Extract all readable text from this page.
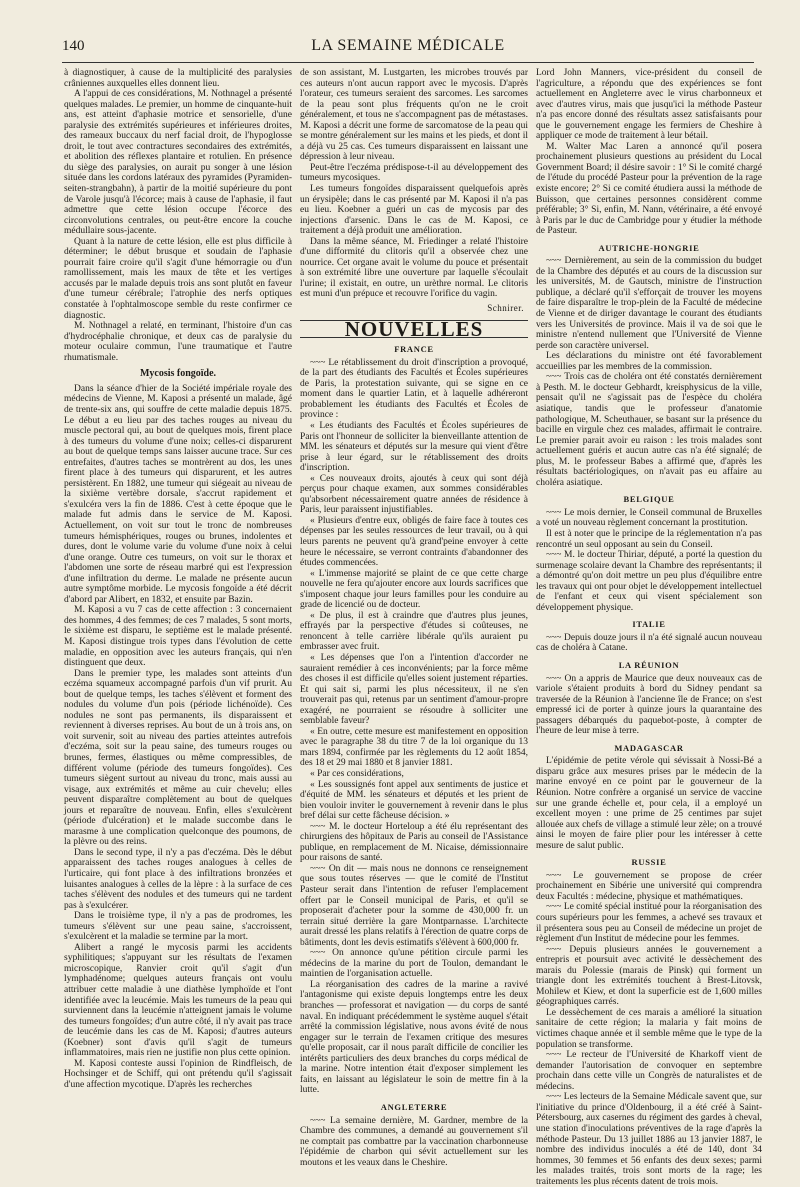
140	LA SEMAINE MÉDICALE

à diagnostiquer, à cause de la multiplicité des paralysies crâniennes auxquelles elles donnent lieu.

A l'appui de ces considérations, M. Nothnagel a présenté quelques malades. Le premier, un homme de cinquante-huit ans, est atteint d'aphasie motrice et sensorielle, d'une paralysie des extrémités supérieures et inférieures droites, des rameaux buccaux du nerf facial droit, de l'hypoglosse droit, le tout avec contractures secondaires des extrémités, et abolition des réflexes plantaire et rotulien. En présence du siège des paralysies, on aurait pu songer à une lésion située dans les cordons latéraux des pyramides (Pyramiden-seiten-strangbahn), à partir de la moitié supérieure du pont de Varole jusqu'à l'écorce; mais à cause de l'aphasie, il faut admettre que cette lésion occupe l'écorce des circonvolutions centrales, ou peut-être encore la couche médullaire sous-jacente.

Quant à la nature de cette lésion, elle est plus difficile à déterminer; le début brusque et soudain de l'aphasie pourrait faire croire qu'il s'agit d'une hémorragie ou d'un ramollissement, mais les maux de tête et les vertiges accusés par le malade depuis trois ans sont plutôt en faveur d'une tumeur cérébrale; l'atrophie des nerfs optiques constatée à l'ophtalmoscope semble du reste confirmer ce diagnostic.

M. Nothnagel a relaté, en terminant, l'histoire d'un cas d'hydrocéphalie chronique, et deux cas de paralysie du moteur oculaire commun, l'une traumatique et l'autre rhumatismale.

Mycosis fongoïde.

Dans la séance d'hier de la Société impériale royale des médecins de Vienne, M. Kaposi a présenté un malade, âgé de trente-six ans, qui souffre de cette maladie depuis 1875. Le début a eu lieu par des taches rouges au niveau du muscle pectoral qui, au bout de quelques mois, firent place à des tumeurs du volume d'une noix; celles-ci disparurent au bout de quelque temps sans laisser aucune trace. Sur ces entrefaites, d'autres taches se montrèrent au dos, les unes firent place à des tumeurs qui disparurent, et les autres persistèrent. En 1882, une tumeur qui siégeait au niveau de la sixième vertèbre dorsale, s'accrut rapidement et s'exulcéra vers la fin de 1886. C'est à cette époque que le malade fut admis dans le service de M. Kaposi. Actuellement, on voit sur tout le tronc de nombreuses tumeurs hémisphériques, rouges ou brunes, indolentes et dures, dont le volume varie du volume d'une noix à celui d'une orange. Outre ces tumeurs, on voit sur le thorax et l'abdomen une sorte de réseau marbré qui est l'expression d'une infiltration du derme. Le malade ne présente aucun autre symptôme morbide. Le mycosis fongoïde a été décrit d'abord par Alibert, en 1832, et ensuite par Bazin.

M. Kaposi a vu 7 cas de cette affection : 3 concernaient des hommes, 4 des femmes; de ces 7 malades, 5 sont morts, le sixième est disparu, le septième est le malade présenté. M. Kaposi distingue trois types dans l'évolution de cette maladie, en opposition avec les auteurs français, qui n'en distinguent que deux.

Dans le premier type, les malades sont atteints d'un eczéma squameux accompagné parfois d'un vif prurit. Au bout de quelque temps, les taches s'élèvent et forment des nodules du volume d'un pois (période lichénoïde). Ces nodules ne sont pas permanents, ils disparaissent et reviennent à diverses reprises. Au bout de un à trois ans, on voit survenir, soit au niveau des parties atteintes autrefois d'eczéma, soit sur la peau saine, des tumeurs rouges ou brunes, fermes, élastiques ou même compressibles, de différent volume (période des tumeurs fongoïdes). Ces tumeurs siègent surtout au niveau du tronc, mais aussi au visage, aux extrémités et même au cuir chevelu; elles peuvent disparaître complètement au bout de quelques jours et reparaître de nouveau. Enfin, elles s'exulcèrent (période d'ulcération) et le malade succombe dans le marasme à une complication quelconque des poumons, de la plèvre ou des reins.

Dans le second type, il n'y a pas d'eczéma. Dès le début apparaissent des taches rouges analogues à celles de l'urticaire, qui font place à des infiltrations bronzées et luisantes analogues à celles de la lèpre : à la surface de ces taches s'élèvent des nodules et des tumeurs qui ne tardent pas à s'exulcérer.

Dans le troisième type, il n'y a pas de prodromes, les tumeurs s'élèvent sur une peau saine, s'accroissent, s'exulcèrent et la maladie se termine par la mort.

Alibert a rangé le mycosis parmi les accidents syphilitiques; s'appuyant sur les résultats de l'examen microscopique, Ranvier croit qu'il s'agit d'un lymphadénome; quelques auteurs français ont voulu attribuer cette maladie à une diathèse lymphoïde et l'ont identifiée avec la leucémie. Mais les tumeurs de la peau qui surviennent dans la leucémie n'atteignent jamais le volume des tumeurs fongoïdes; d'un autre côté, il n'y avait pas trace de leucémie dans les cas de M. Kaposi; d'autres auteurs (Koebner) sont d'avis qu'il s'agit de tumeurs inflammatoires, mais rien ne justifie non plus cette opinion.

M. Kaposi conteste aussi l'opinion de Rindfleisch, de Hochsinger et de Schiff, qui ont prétendu qu'il s'agissait d'une affection mycotique. D'après les recherches

de son assistant, M. Lustgarten, les microbes trouvés par ces auteurs n'ont aucun rapport avec le mycosis. D'après l'orateur, ces tumeurs seraient des sarcomes. Les sarcomes de la peau sont plus fréquents qu'on ne le croit généralement, et tous ne s'accompagnent pas de métastases. M. Kaposi a décrit une forme de sarcomatose de la peau qui se montre généralement sur les mains et les pieds, et dont il a déjà vu 25 cas. Ces tumeurs disparaissent en laissant une dépression à leur niveau.

Peut-être l'eczéma prédispose-t-il au développement des tumeurs mycosiques.

Les tumeurs fongoïdes disparaissent quelquefois après un érysipèle; dans le cas présenté par M. Kaposi il n'a pas eu lieu. Koebner a guéri un cas de mycosis par des injections d'arsenic. Dans le cas de M. Kaposi, ce traitement a déjà produit une amélioration.

Dans la même séance, M. Friedinger a relaté l'histoire d'une difformité du clitoris qu'il a observée chez une nourrice. Cet organe avait le volume du pouce et présentait à son extrémité libre une ouverture par laquelle s'écoulait l'urine; il existait, en outre, un urèthre normal. Le clitoris est muni d'un prépuce et recouvre l'orifice du vagin.

Schnirer.
NOUVELLES
FRANCE

~~~ Le rétablissement du droit d'inscription a provoqué, de la part des étudiants des Facultés et Écoles supérieures de Paris, la protestation suivante, qui se signe en ce moment dans le quartier Latin, et à laquelle adhéreront probablement les étudiants des Facultés et Écoles de province :

« Les étudiants des Facultés et Écoles supérieures de Paris ont l'honneur de solliciter la bienveillante attention de MM. les sénateurs et députés sur la mesure qui vient d'être prise à leur égard, sur le rétablissement des droits d'inscription.

« Ces nouveaux droits, ajoutés à ceux qui sont déjà perçus pour chaque examen, aux sommes considérables qu'absorbent nécessairement quatre années de résidence à Paris, leur paraissent injustifiables.

« Plusieurs d'entre eux, obligés de faire face à toutes ces dépenses par les seules ressources de leur travail, ou à qui leurs parents ne peuvent qu'à grand'peine envoyer à cette heure le nécessaire, se verront contraints d'abandonner des études commencées.

« L'immense majorité se plaint de ce que cette charge nouvelle ne fera qu'ajouter encore aux lourds sacrifices que s'imposent chaque jour leurs familles pour les conduire au grade de licencié ou de docteur.

« De plus, il est à craindre que d'autres plus jeunes, effrayés par la perspective d'études si coûteuses, ne renoncent à telle carrière libérale qu'ils auraient pu embrasser avec fruit.

« Les dépenses que l'on a l'intention d'accorder ne sauraient remédier à ces inconvénients; par la force même des choses il est difficile qu'elles soient justement réparties. Et qui sait si, parmi les plus nécessiteux, il ne s'en trouverait pas qui, retenus par un sentiment d'amour-propre exagéré, ne pourraient se résoudre à solliciter une semblable faveur?

« En outre, cette mesure est manifestement en opposition avec le paragraphe 38 du titre 7 de la loi organique du 13 mars 1894, confirmée par les règlements du 12 août 1854, des 18 et 29 mai 1880 et 8 janvier 1881.

« Par ces considérations,

« Les soussignés font appel aux sentiments de justice et d'équité de MM. les sénateurs et députés et les prient de bien vouloir inviter le gouvernement à revenir dans le plus bref délai sur cette fâcheuse décision. »

~~~ M. le docteur Horteloup a été élu représentant des chirurgiens des hôpitaux de Paris au conseil de l'Assistance publique, en remplacement de M. Nicaise, démissionnaire pour raisons de santé.

~~~ On dit — mais nous ne donnons ce renseignement que sous toutes réserves — que le comité de l'Institut Pasteur serait dans l'intention de refuser l'emplacement offert par le Conseil municipal de Paris, et qu'il se proposerait d'acheter pour la somme de 430,000 fr. un terrain situé derrière la gare Montparnasse. L'architecte aurait dressé les plans relatifs à l'érection de quatre corps de bâtiments, dont les devis estimatifs s'élèvent à 600,000 fr.

~~~ On annonce qu'une pétition circule parmi les médecins de la marine du port de Toulon, demandant le maintien de l'organisation actuelle.

La réorganisation des cadres de la marine a ravivé l'antagonisme qui existe depuis longtemps entre les deux branches — professorat et navigation — du corps de santé naval. En indiquant précédemment le système auquel s'était arrêté la commission législative, nous avons évité de nous engager sur le terrain de l'examen critique des mesures qu'elle proposait, car il nous paraît difficile de concilier les intérêts particuliers des deux branches du corps médical de la marine. Notre intention était d'exposer simplement les faits, en laissant au législateur le soin de mettre fin à la lutte.

ANGLETERRE

~~~ La semaine dernière, M. Gardner, membre de la Chambre des communes, a demandé au gouvernement s'il ne comptait pas combattre par la vaccination charbonneuse l'épidémie de charbon qui sévit actuellement sur les moutons et les veaux dans le Cheshire.

Lord John Manners, vice-président du conseil de l'agriculture, a répondu que des expériences se font actuellement en Angleterre avec le virus charbonneux et avec d'autres virus, mais que jusqu'ici la méthode Pasteur n'a pas encore donné des résultats assez satisfaisants pour que le gouvernement engage les fermiers de Cheshire à appliquer ce mode de traitement à leur bétail.

M. Walter Mac Laren a annoncé qu'il posera prochainement plusieurs questions au président du Local Government Board; il désire savoir : 1° Si le comité chargé de l'étude du procédé Pasteur pour la prévention de la rage existe encore; 2° Si ce comité étudiera aussi la méthode de Buisson, que certaines personnes considèrent comme préférable; 3° Si, enfin, M. Nann, vétérinaire, a été envoyé à Paris par le duc de Cambridge pour y étudier la méthode de Pasteur.

AUTRICHE-HONGRIE

~~~ Dernièrement, au sein de la commission du budget de la Chambre des députés et au cours de la discussion sur les universités, M. de Gautsch, ministre de l'instruction publique, a déclaré qu'il s'efforçait de trouver les moyens de faire disparaître le trop-plein de la Faculté de médecine de Vienne et de diriger davantage le courant des étudiants vers les Universités de province. Mais il va de soi que le ministre n'entend nullement que l'Université de Vienne perde son caractère universel.

Les déclarations du ministre ont été favorablement accueillies par les membres de la commission.

~~~ Trois cas de choléra ont été constatés dernièrement à Pesth. M. le docteur Gebhardt, kreisphysicus de la ville, pensait qu'il ne s'agissait pas de l'espèce du choléra asiatique, tandis que le professeur d'anatomie pathologique, M. Scheuthauer, se basant sur la présence du bacille en virgule chez ces malades, affirmait le contraire. Le premier parait avoir eu raison : les trois malades sont actuellement guéris et aucun autre cas n'a été signalé; de plus, M. le professeur Babes a affirmé que, d'après les résultats bactériologiques, on n'avait pas eu affaire au choléra asiatique.

BELGIQUE

~~~ Le mois dernier, le Conseil communal de Bruxelles a voté un nouveau règlement concernant la prostitution.

Il est à noter que le principe de la réglementation n'a pas rencontré un seul opposant au sein du Conseil.

~~~ M. le docteur Thiriar, député, a porté la question du surmenage scolaire devant la Chambre des représentants; il a démontré qu'on doit mettre un peu plus d'équilibre entre les travaux qui ont pour objet le développement intellectuel de l'enfant et ceux qui visent spécialement son développement physique.

ITALIE

~~~ Depuis douze jours il n'a été signalé aucun nouveau cas de choléra à Catane.

LA RÉUNION

~~~ On a appris de Maurice que deux nouveaux cas de variole s'étaient produits à bord du Sidney pendant sa traversée de la Réunion à l'ancienne île de France; on s'est empressé ici de porter à quinze jours la quarantaine des passagers débarqués du paquebot-poste, à compter de l'heure de leur mise à terre.

MADAGASCAR

L'épidémie de petite vérole qui sévissait à Nossi-Bé a disparu grâce aux mesures prises par le médecin de la marine envoyé en ce point par le gouverneur de la Réunion. Notre confrère a organisé un service de vaccine sur une grande échelle et, pour cela, il a employé un excellent moyen : une prime de 25 centimes par sujet allouée aux chefs de village a stimulé leur zèle; on a trouvé ainsi le moyen de faire plier pour les intéresser à cette mesure de salut public.

RUSSIE

~~~ Le gouvernement se propose de créer prochainement en Sibérie une université qui comprendra deux Facultés : médecine, physique et mathématiques.

~~~ Le comité spécial institué pour la réorganisation des cours supérieurs pour les femmes, a achevé ses travaux et il présentera sous peu au Conseil de médecine un projet de règlement d'un Institut de médecine pour les femmes.

~~~ Depuis plusieurs années le gouvernement a entrepris et poursuit avec activité le dessèchement des marais du Polessie (marais de Pinsk) qui forment un triangle dont les extrémités touchent à Brest-Litovsk, Mohilew et Kiew, et dont la superficie est de 1,600 milles géographiques carrés.

Le dessèchement de ces marais a amélioré la situation sanitaire de cette région; la malaria y fait moins de victimes chaque année et il semble même que le type de la population se transforme.

~~~ Le recteur de l'Université de Kharkoff vient de demander l'autorisation de convoquer en septembre prochain dans cette ville un Congrès de naturalistes et de médecins.

~~~ Les lecteurs de la Semaine Médicale savent que, sur l'initiative du prince d'Oldenbourg, il a été créé à Saint-Pétersbourg, aux casernes du régiment des gardes à cheval, une station d'inoculations préventives de la rage d'après la méthode Pasteur. Du 13 juillet 1886 au 13 janvier 1887, le nombre des individus inoculés a été de 140, dont 34 hommes, 30 femmes et 56 enfants des deux sexes; parmi les malades traités, trois sont morts de la rage; les traitements les plus récents datent de trois mois.
